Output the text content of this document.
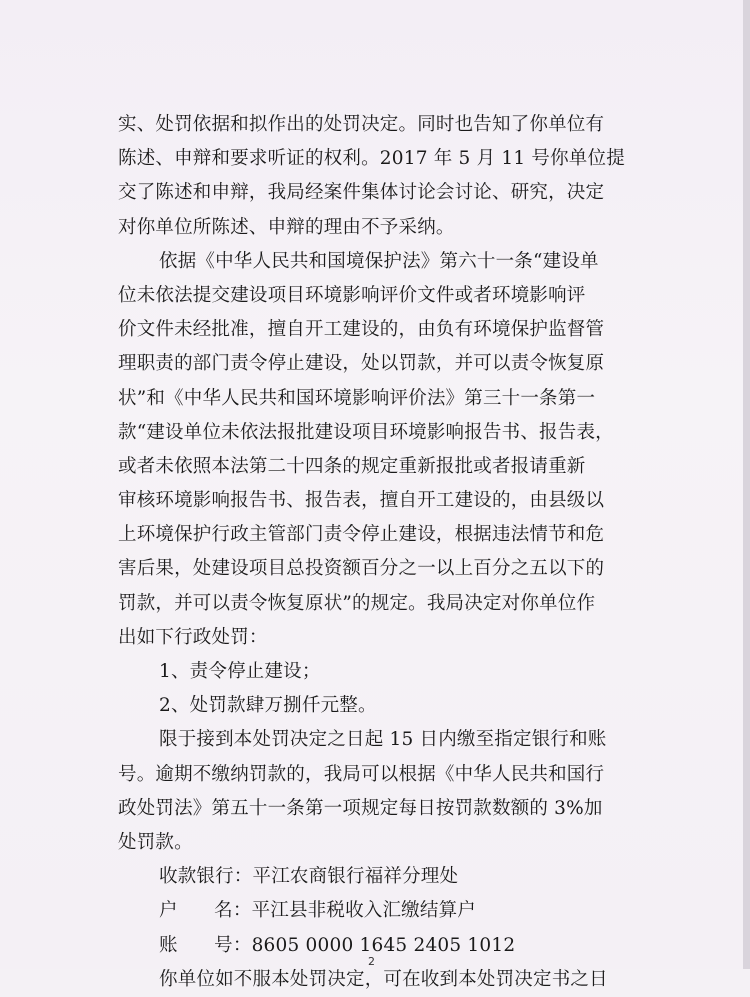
实、处罚依据和拟作出的处罚决定。同时也告知了你单位有
陈述、申辩和要求听证的权利。2017 年 5 月 11 号你单位提
交了陈述和申辩，我局经案件集体讨论会讨论、研究，决定
对你单位所陈述、申辩的理由不予采纳。
依据《中华人民共和国境保护法》第六十一条“建设单
位未依法提交建设项目环境影响评价文件或者环境影响评
价文件未经批准，擅自开工建设的，由负有环境保护监督管
理职责的部门责令停止建设，处以罚款，并可以责令恢复原
状”和《中华人民共和国环境影响评价法》第三十一条第一
款“建设单位未依法报批建设项目环境影响报告书、报告表，
或者未依照本法第二十四条的规定重新报批或者报请重新
审核环境影响报告书、报告表，擅自开工建设的，由县级以
上环境保护行政主管部门责令停止建设，根据违法情节和危
害后果，处建设项目总投资额百分之一以上百分之五以下的
罚款，并可以责令恢复原状”的规定。我局决定对你单位作
出如下行政处罚：
1、责令停止建设；
2、处罚款肆万捌仟元整。
限于接到本处罚决定之日起 15 日内缴至指定银行和账
号。逾期不缴纳罚款的，我局可以根据《中华人民共和国行
政处罚法》第五十一条第一项规定每日按罚款数额的 3%加
处罚款。
收款银行：平江农商银行福祥分理处
户      名：平江县非税收入汇缴结算户
账      号：8605 0000 1645 2405 1012
你单位如不服本处罚决定，可在收到本处罚决定书之日
2
